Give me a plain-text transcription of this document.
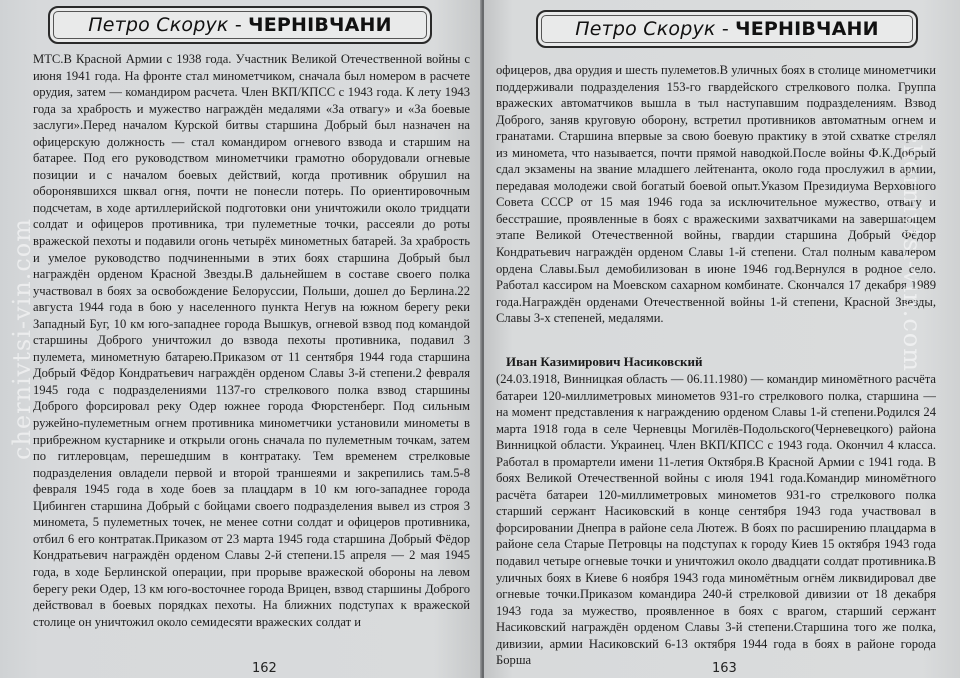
Петро Скорук - ЧЕРНІВЧАНИ

МТС.В Красной Армии с 1938 года. Участник Великой Отечественной войны с июня 1941 года. На фронте стал минометчиком, сначала был номером в расчете орудия, затем — командиром расчета. Член ВКП/КПСС с 1943 года. К лету 1943 года за храбрость и мужество награждён медалями «За отвагу» и «За боевые заслуги».Перед началом Курской битвы старшина Добрый был назначен на офицерскую должность — стал командиром огневого взвода и старшим на батарее. Под его руководством минометчики грамотно оборудовали огневые позиции и с началом боевых действий, когда противник обрушил на оборонявшихся шквал огня, почти не понесли потерь. По ориентировочным подсчетам, в ходе артиллерийской подготовки они уничтожили около тридцати солдат и офицеров противника, три пулеметные точки, рассеяли до роты вражеской пехоты и подавили огонь четырёх минометных батарей. За храбрость и умелое руководство подчиненными в этих боях старшина Добрый был награждён орденом Красной Звезды.В дальнейшем в составе своего полка участвовал в боях за освобождение Белоруссии, Польши, дошел до Берлина.22 августа 1944 года в бою у населенного пункта Негув на южном берегу реки Западный Буг, 10 км юго-западнее города Вышкув, огневой взвод под командой старшины Доброго уничтожил до взвода пехоты противника, подавил 3 пулемета, минометную батарею.Приказом от 11 сентября 1944 года старшина Добрый Фёдор Кондратьевич награждён орденом Славы 3-й степени.2 февраля 1945 года с подразделениями 1137-го стрелкового полка взвод старшины Доброго форсировал реку Одер южнее города Фюрстенберг. Под сильным ружейно-пулеметным огнем противника минометчики установили минометы в прибрежном кустарнике и открыли огонь сначала по пулеметным точкам, затем по гитлеровцам, перешедшим в контратаку. Тем временем стрелковые подразделения овладели первой и второй траншеями и закрепились там.5-8 февраля 1945 года в ходе боев за плацдарм в 10 км юго-западнее города Цибинген старшина Добрый с бойцами своего подразделения вывел из строя 3 минометa, 5 пулеметных точек, не менее сотни солдат и офицеров противника, отбил 6 его контратак.Приказом от 23 марта 1945 года старшина Добрый Фёдор Кондратьевич награждён орденом Славы 2-й степени.15 апреля — 2 мая 1945 года, в ходе Берлинской операции, при прорыве вражеской обороны на левом берегу реки Одер, 13 км юго-восточнее города Врицен, взвод старшины Доброго действовал в боевых порядках пехоты. На ближних подступах к вражеской столице он уничтожил около семидесяти вражеских солдат и

162
Петро Скорук - ЧЕРНІВЧАНИ

офицеров, два орудия и шесть пулеметов.В уличных боях в столице минометчики поддерживали подразделения 153-го гвардейского стрелкового полка. Группа вражеских автоматчиков вышла в тыл наступавшим подразделениям. Взвод Доброго, заняв круговую оборону, встретил противников автоматным огнем и гранатами. Старшина впервые за свою боевую практику в этой схватке стрелял из миномета, что называется, почти прямой наводкой.После войны Ф.К.Добрый сдал экзамены на звание младшего лейтенанта, около года прослужил в армии, передавая молодежи свой богатый боевой опыт.Указом Президиума Верховного Совета СССР от 15 мая 1946 года за исключительное мужество, отвагу и бесстрашие, проявленные в боях с вражескими захватчиками на завершающем этапе Великой Отечественной войны, гвардии старшина Добрый Фёдор Кондратьевич награждён орденом Славы 1-й степени. Стал полным кавалером ордена Славы.Был демобилизован в июне 1946 год.Вернулся в родное село. Работал кассиром на Моевском сахарном комбинате. Скончался 17 декабря 1989 года.Награждён орденами Отечественной войны 1-й степени, Красной Звезды, Славы 3-х степеней, медалями.

Иван Казимирович Насиковский

(24.03.1918, Винницкая область — 06.11.1980) — командир миномётного расчёта батареи 120-миллиметровых минометов 931-го стрелкового полка, старшина — на момент представления к награждению орденом Славы 1-й степени.Родился 24 марта 1918 года в селе Черневцы Могилёв-Подольского(Черневецкого) района Винницкой области. Украинец. Член ВКП/КПСС с 1943 года. Окончил 4 класса. Работал в промартели имени 11-летия Октября.В Красной Армии с 1941 года. В боях Великой Отечественной войны с июля 1941 года.Командир миномётного расчёта батареи 120-миллиметровых минометов 931-го стрелкового полка старший сержант Насиковский в конце сентября 1943 года участвовал в форсировании Днепра в районе села Лютеж. В боях по расширению плацдарма в районе села Старые Петровцы на подступах к городу Киев 15 октября 1943 года подавил четыре огневые точки и уничтожил около двадцати солдат противника.В уличных боях в Киеве 6 ноября 1943 года миномётным огнём ликвидировал две огневые точки.Приказом командира 240-й стрелковой дивизии от 18 декабря 1943 года за мужество, проявленное в боях с врагом, старший сержант Насиковский награждён орденом Славы 3-й степени.Старшина того же полка, дивизии, армии Насиковский 6-13 октября 1944 года в боях в районе города Борша

163
chernivtsi-vin.com	chernivtsi-vin.com
